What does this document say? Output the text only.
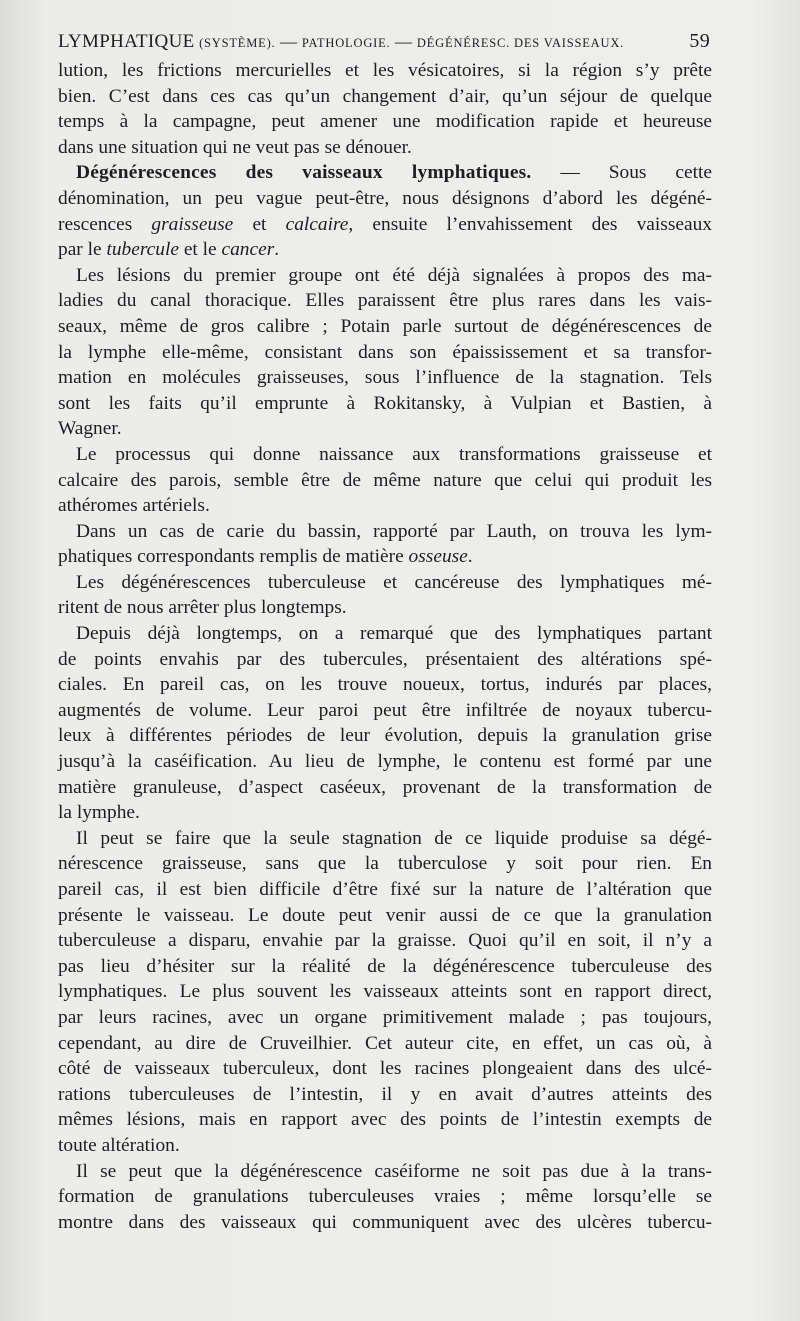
LYMPHATIQUE (SYSTÈME). — PATHOLOGIE. — DÉGÉNÉRESC. DES VAISSEAUX.	59
lution, les frictions mercurielles et les vésicatoires, si la région s’y prête
bien. C’est dans ces cas qu’un changement d’air, qu’un séjour de quelque
temps à la campagne, peut amener une modification rapide et heureuse
dans une situation qui ne veut pas se dénouer.
Dégénérescences des vaisseaux lymphatiques. — Sous cette
dénomination, un peu vague peut-être, nous désignons d’abord les dégéné-
rescences graisseuse et calcaire, ensuite l’envahissement des vaisseaux
par le tubercule et le cancer.
Les lésions du premier groupe ont été déjà signalées à propos des ma-
ladies du canal thoracique. Elles paraissent être plus rares dans les vais-
seaux, même de gros calibre ; Potain parle surtout de dégénérescences de
la lymphe elle-même, consistant dans son épaississement et sa transfor-
mation en molécules graisseuses, sous l’influence de la stagnation. Tels
sont les faits qu’il emprunte à Rokitansky, à Vulpian et Bastien, à
Wagner.
Le processus qui donne naissance aux transformations graisseuse et
calcaire des parois, semble être de même nature que celui qui produit les
athéromes artériels.
Dans un cas de carie du bassin, rapporté par Lauth, on trouva les lym-
phatiques correspondants remplis de matière osseuse.
Les dégénérescences tuberculeuse et cancéreuse des lymphatiques mé-
ritent de nous arrêter plus longtemps.
Depuis déjà longtemps, on a remarqué que des lymphatiques partant
de points envahis par des tubercules, présentaient des altérations spé-
ciales. En pareil cas, on les trouve noueux, tortus, indurés par places,
augmentés de volume. Leur paroi peut être infiltrée de noyaux tubercu-
leux à différentes périodes de leur évolution, depuis la granulation grise
jusqu’à la caséification. Au lieu de lymphe, le contenu est formé par une
matière granuleuse, d’aspect caséeux, provenant de la transformation de
la lymphe.
Il peut se faire que la seule stagnation de ce liquide produise sa dégé-
nérescence graisseuse, sans que la tuberculose y soit pour rien. En
pareil cas, il est bien difficile d’être fixé sur la nature de l’altération que
présente le vaisseau. Le doute peut venir aussi de ce que la granulation
tuberculeuse a disparu, envahie par la graisse. Quoi qu’il en soit, il n’y a
pas lieu d’hésiter sur la réalité de la dégénérescence tuberculeuse des
lymphatiques. Le plus souvent les vaisseaux atteints sont en rapport direct,
par leurs racines, avec un organe primitivement malade ; pas toujours,
cependant, au dire de Cruveilhier. Cet auteur cite, en effet, un cas où, à
côté de vaisseaux tuberculeux, dont les racines plongeaient dans des ulcé-
rations tuberculeuses de l’intestin, il y en avait d’autres atteints des
mêmes lésions, mais en rapport avec des points de l’intestin exempts de
toute altération.
Il se peut que la dégénérescence caséiforme ne soit pas due à la trans-
formation de granulations tuberculeuses vraies ; même lorsqu’elle se
montre dans des vaisseaux qui communiquent avec des ulcères tubercu-
